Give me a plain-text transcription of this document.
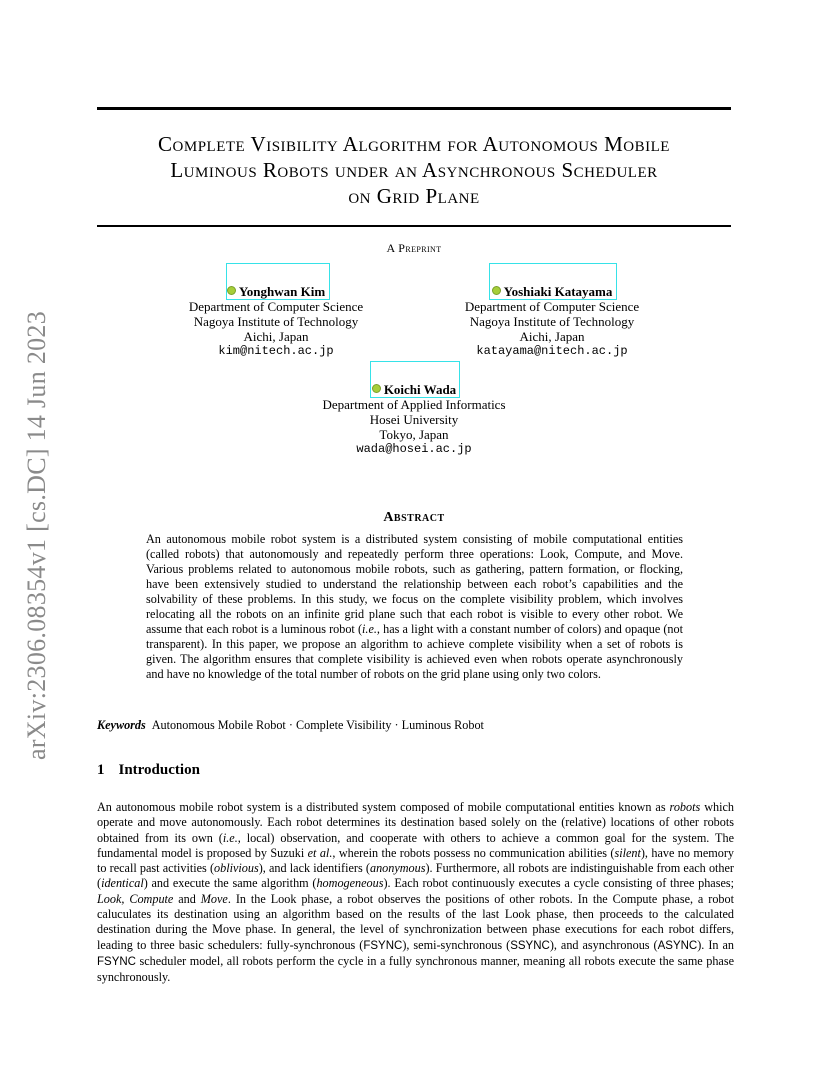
Complete Visibility Algorithm for Autonomous Mobile
Luminous Robots under an Asynchronous Scheduler
on Grid Plane
A Preprint
Yonghwan Kim
Department of Computer Science
Nagoya Institute of Technology
Aichi, Japan
kim@nitech.ac.jp
Yoshiaki Katayama
Department of Computer Science
Nagoya Institute of Technology
Aichi, Japan
katayama@nitech.ac.jp
Koichi Wada
Department of Applied Informatics
Hosei University
Tokyo, Japan
wada@hosei.ac.jp
arXiv:2306.08354v1 [cs.DC] 14 Jun 2023	Abstract
An autonomous mobile robot system is a distributed system consisting of mobile computational entities (called robots) that autonomously and repeatedly perform three operations: Look, Compute, and Move. Various problems related to autonomous mobile robots, such as gathering, pattern formation, or flocking, have been extensively studied to understand the relationship between each robot’s capabilities and the solvability of these problems. In this study, we focus on the complete visibility problem, which involves relocating all the robots on an infinite grid plane such that each robot is visible to every other robot. We assume that each robot is a luminous robot (i.e., has a light with a constant number of colors) and opaque (not transparent). In this paper, we propose an algorithm to achieve complete visibility when a set of robots is given. The algorithm ensures that complete visibility is achieved even when robots operate asynchronously and have no knowledge of the total number of robots on the grid plane using only two colors.
Keywords Autonomous Mobile Robot · Complete Visibility · Luminous Robot
1 Introduction
An autonomous mobile robot system is a distributed system composed of mobile computational entities known as robots which operate and move autonomously. Each robot determines its destination based solely on the (relative) locations of other robots obtained from its own (i.e., local) observation, and cooperate with others to achieve a common goal for the system. The fundamental model is proposed by Suzuki et al., wherein the robots possess no communication abilities (silent), have no memory to recall past activities (oblivious), and lack identifiers (anonymous). Furthermore, all robots are indistinguishable from each other (identical) and execute the same algorithm (homogeneous). Each robot continuously executes a cycle consisting of three phases; Look, Compute and Move. In the Look phase, a robot observes the positions of other robots. In the Compute phase, a robot caluculates its destination using an algorithm based on the results of the last Look phase, then proceeds to the calculated destination during the Move phase. In general, the level of synchronization between phase executions for each robot differs, leading to three basic schedulers: fully-synchronous (FSYNC), semi-synchronous (SSYNC), and asynchronous (ASYNC). In an FSYNC scheduler model, all robots perform the cycle in a fully synchronous manner, meaning all robots execute the same phase synchronously.
